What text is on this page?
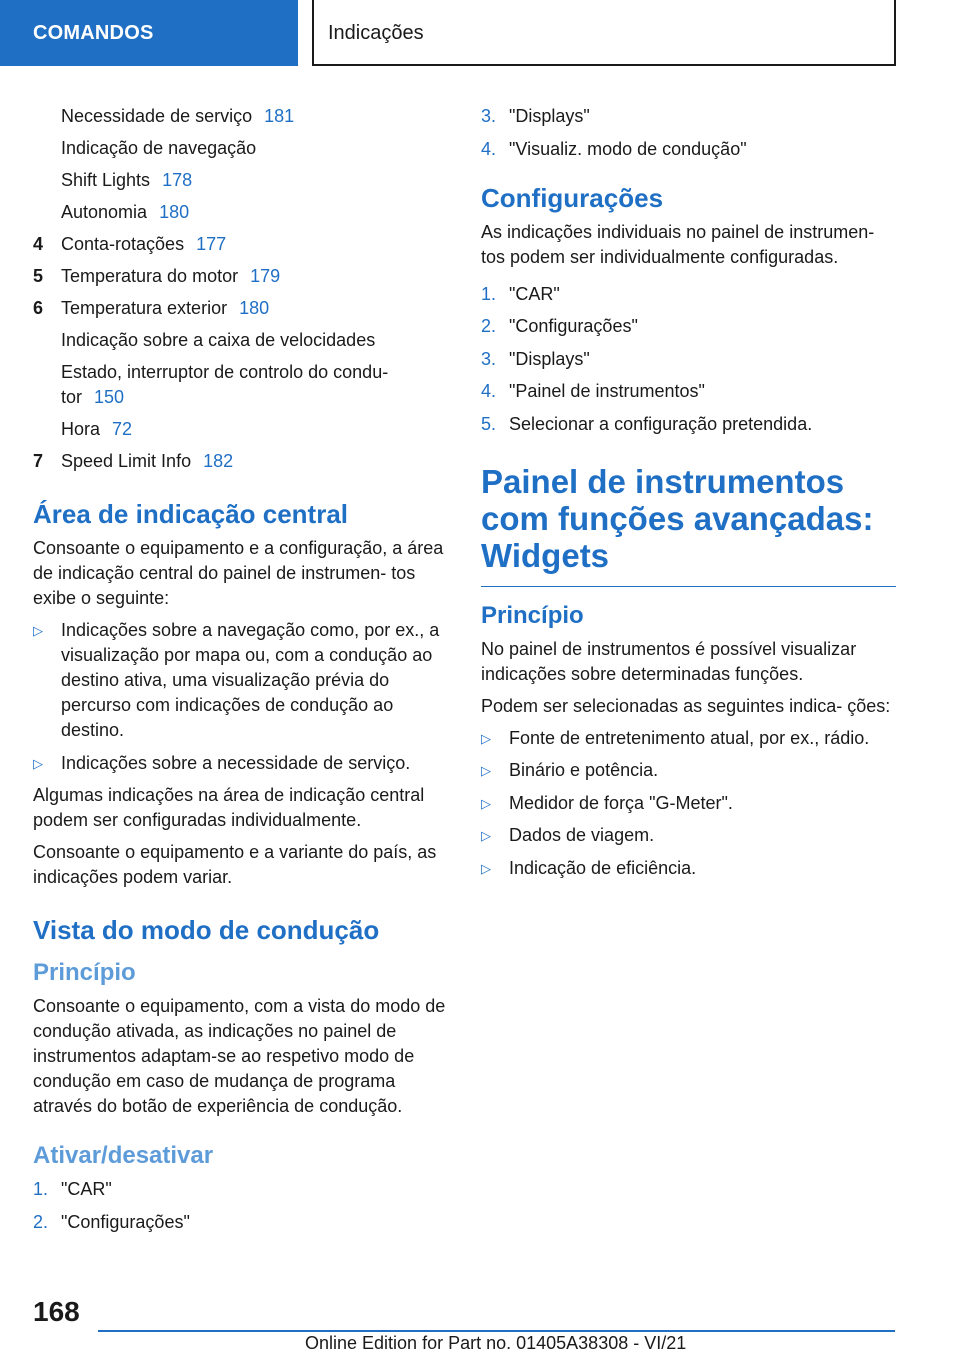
COMANDOS	Indicações
Necessidade de serviço 181
Indicação de navegação
Shift Lights 178
Autonomia 180
4 Conta-rotações 177
5 Temperatura do motor 179
6 Temperatura exterior 180
Indicação sobre a caixa de velocidades
Estado, interruptor de controlo do condu‐ tor 150
Hora 72
7 Speed Limit Info 182
Área de indicação central
Consoante o equipamento e a configuração, a área de indicação central do painel de instrumen‐ tos exibe o seguinte:
▷	Indicações sobre a navegação como, por ex., a visualização por mapa ou, com a condução ao destino ativa, uma visualização prévia do percurso com indicações de condução ao destino.
▷	Indicações sobre a necessidade de serviço.
Algumas indicações na área de indicação central podem ser configuradas individualmente.
Consoante o equipamento e a variante do país, as indicações podem variar.
Vista do modo de condução
Princípio
Consoante o equipamento, com a vista do modo de condução ativada, as indicações no painel de instrumentos adaptam-se ao respetivo modo de condução em caso de mudança de programa através do botão de experiência de condução.
Ativar/desativar
1. "CAR"
2. "Configurações"
3. "Displays"
4. "Visualiz. modo de condução"
Configurações
As indicações individuais no painel de instrumen‐ tos podem ser individualmente configuradas.
1. "CAR"
2. "Configurações"
3. "Displays"
4. "Painel de instrumentos"
5. Selecionar a configuração pretendida.
Painel de instrumentos
com funções avançadas:
Widgets
Princípio
No painel de instrumentos é possível visualizar indicações sobre determinadas funções.
Podem ser selecionadas as seguintes indica‐ ções:
▷	Fonte de entretenimento atual, por ex., rádio.
▷	Binário e potência.
▷	Medidor de força "G-Meter".
▷	Dados de viagem.
▷	Indicação de eficiência.
168
Online Edition for Part no. 01405A38308 - VI/21
